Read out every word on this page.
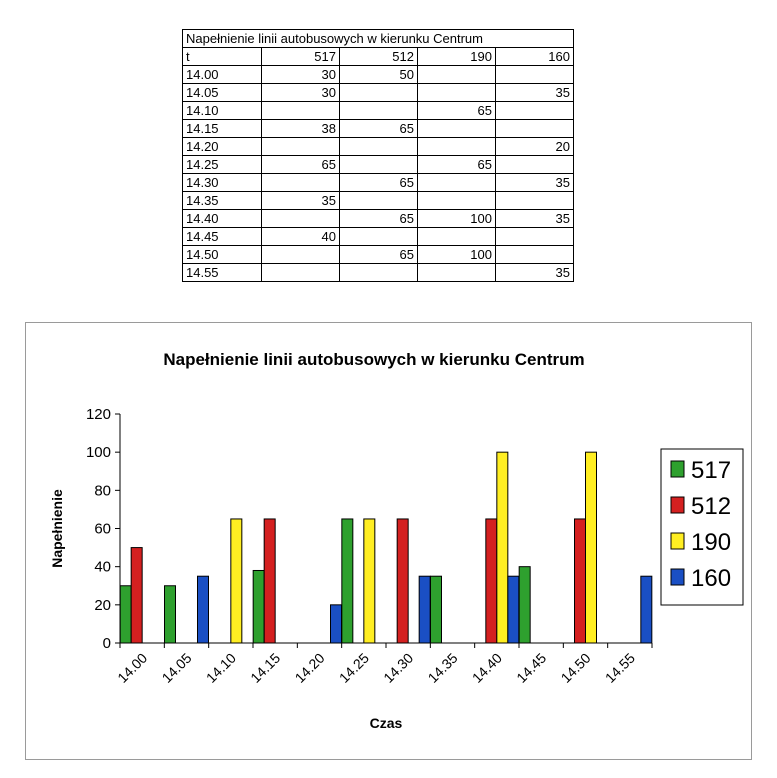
Napełnienie linii autobusowych w kierunku Centrum				
t	517	512	190	160
14.00	30	50		
14.05	30			35
14.10			65	
14.15	38	65		
14.20				20
14.25	65		65	
14.30		65		35
14.35	35			
14.40		65	100	35
14.45	40			
14.50		65	100	
14.55				35
Napełnienie linii autobusowych w kierunku Centrum
Napełnienie
Czas
0
20
40
60
80
100
120
14.00 14.05 14.10 14.15 14.20 14.25 14.30 14.35 14.40 14.45 14.50 14.55
517
512
190
160
